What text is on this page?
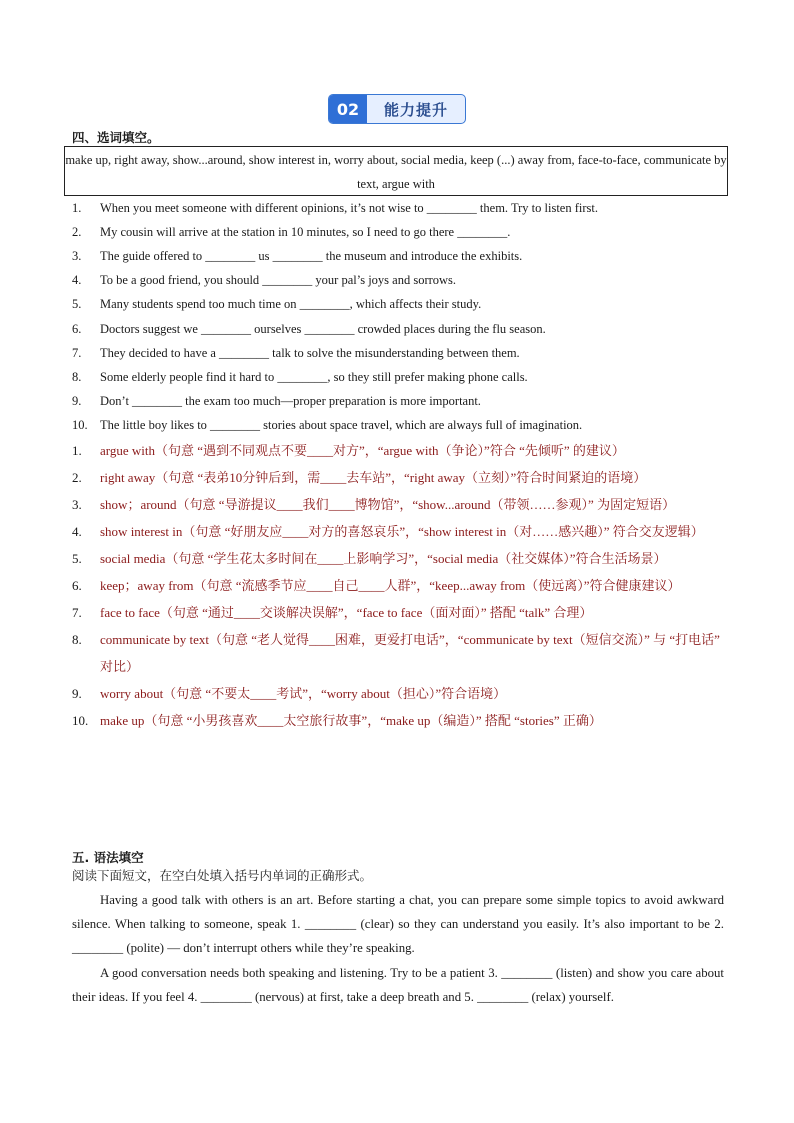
02	能力提升
四、选词填空。
make up, right away, show...around, show interest in, worry about, social media, keep (...) away from, face-to-face, communicate by text, argue with
1.	When you meet someone with different opinions, it’s not wise to ________ them. Try to listen first.
2.	My cousin will arrive at the station in 10 minutes, so I need to go there ________.
3.	The guide offered to ________ us ________ the museum and introduce the exhibits.
4.	To be a good friend, you should ________ your pal’s joys and sorrows.
5.	Many students spend too much time on ________, which affects their study.
6.	Doctors suggest we ________ ourselves ________ crowded places during the flu season.
7.	They decided to have a ________ talk to solve the misunderstanding between them.
8.	Some elderly people find it hard to ________, so they still prefer making phone calls.
9.	Don’t ________ the exam too much—proper preparation is more important.
10. The little boy likes to ________ stories about space travel, which are always full of imagination.
1.	argue with（句意 “遇到不同观点不要____对方”，“argue with（争论）”符合 “先倾听” 的建议）
2.	right away（句意 “表弟10分钟后到，需____去车站”，“right away（立刻）”符合时间紧迫的语境）
3.	show；around（句意 “导游提议____我们____博物馆”，“show...around（带领……参观）” 为固定短语）
4.	show interest in（句意 “好朋友应____对方的喜怒哀乐”，“show interest in（对……感兴趣）” 符合交友逻辑）
5.	social media（句意 “学生花太多时间在____上影响学习”，“social media（社交媒体）”符合生活场景）
6.	keep；away from（句意 “流感季节应____自己____人群”，“keep...away from（使远离）”符合健康建议）
7.	face to face（句意 “通过____交谈解决误解”，“face to face（面对面）” 搭配 “talk” 合理）
8.	communicate by text（句意 “老人觉得____困难，更爱打电话”，“communicate by text（短信交流）” 与 “打电话” 对比）
9.	worry about（句意 “不要太____考试”，“worry about（担心）”符合语境）
10. make up（句意 “小男孩喜欢____太空旅行故事”，“make up（编造）” 搭配 “stories” 正确）
五. 语法填空
阅读下面短文，在空白处填入括号内单词的正确形式。

Having a good talk with others is an art. Before starting a chat, you can prepare some simple topics to avoid awkward silence. When talking to someone, speak 1. ________ (clear) so they can understand you easily. It’s also important to be 2. ________ (polite) — don’t interrupt others while they’re speaking.

A good conversation needs both speaking and listening. Try to be a patient 3. ________ (listen) and show you care about their ideas. If you feel 4. ________ (nervous) at first, take a deep breath and 5. ________ (relax) yourself.
